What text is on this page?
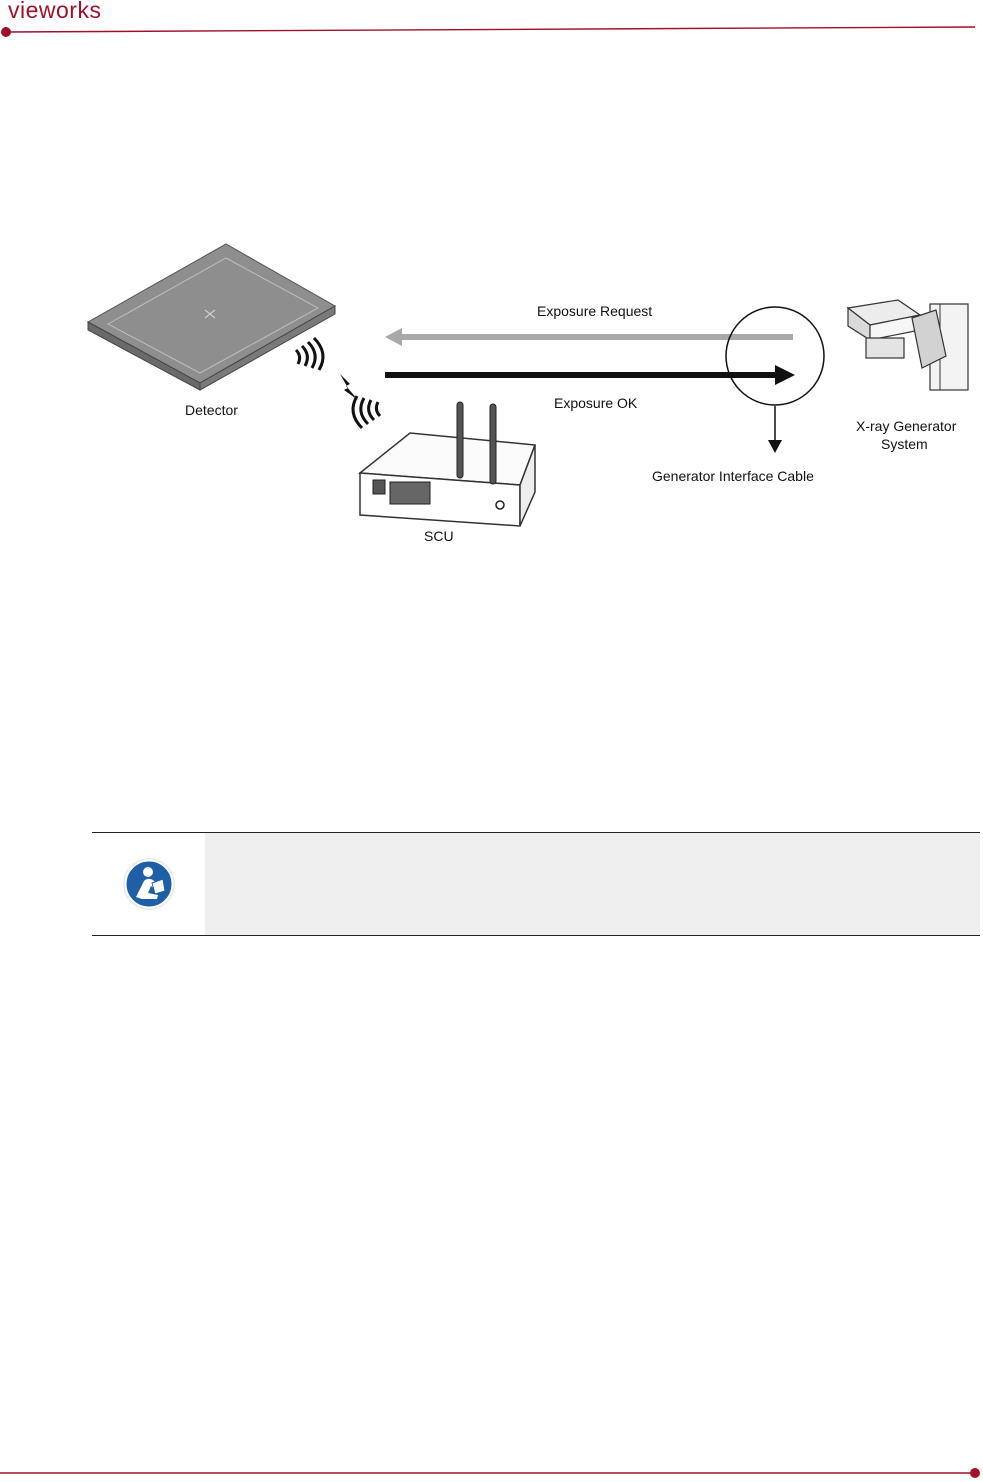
vieworks
Detector
SCU
Exposure Request
Exposure OK
Generator Interface Cable
X-ray Generator
System
